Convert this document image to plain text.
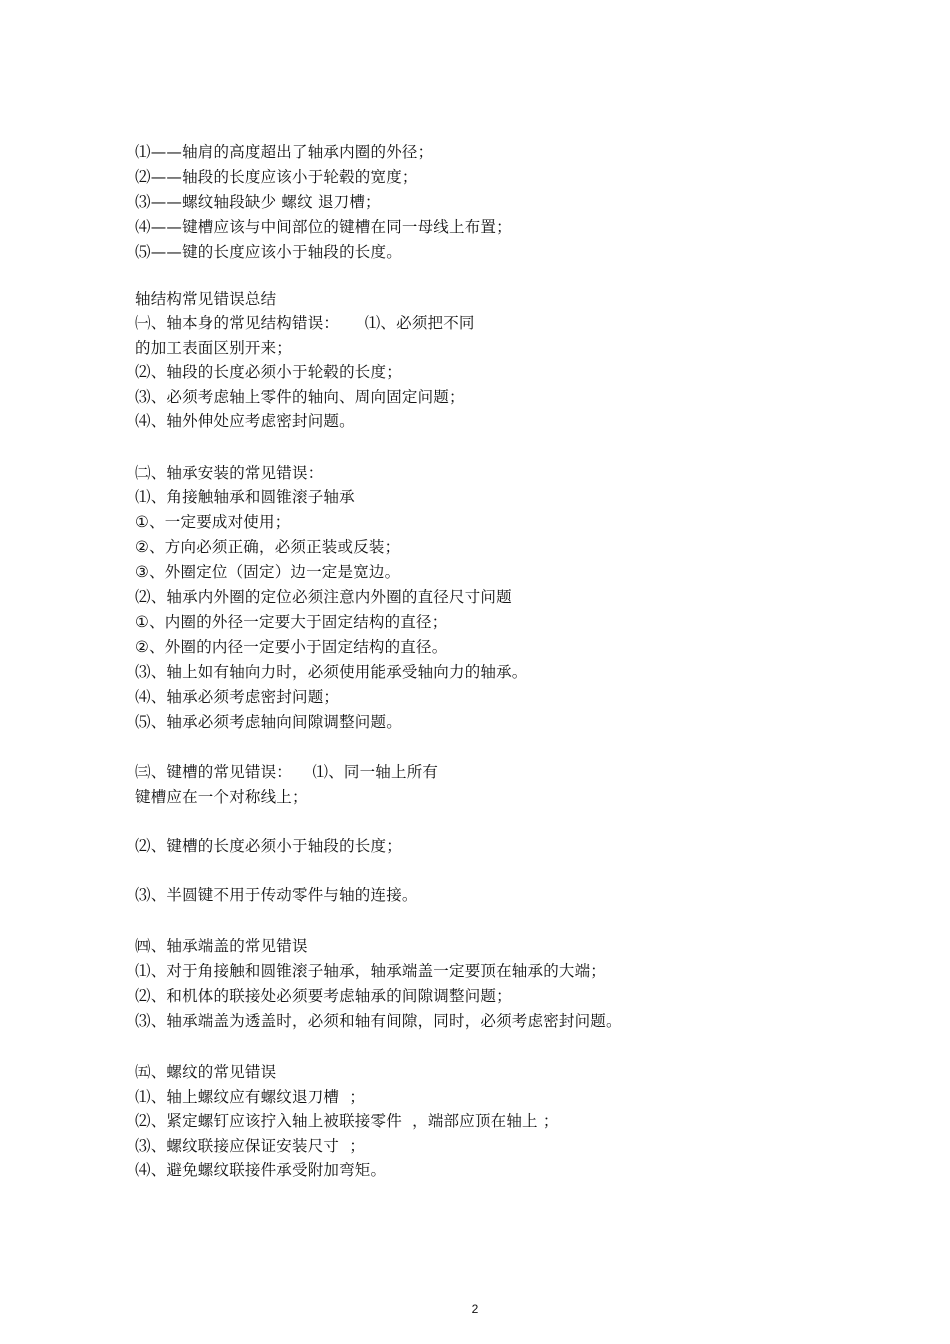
⑴——轴肩的高度超出了轴承内圈的外径；
⑵——轴段的长度应该小于轮毂的宽度；
⑶——螺纹轴段缺少 螺纹 退刀槽；
⑷——键槽应该与中间部位的键槽在同一母线上布置；
⑸——键的长度应该小于轴段的长度。
轴结构常见错误总结
㈠、轴本身的常见结构错误：     ⑴、必须把不同
的加工表面区别开来；
⑵、轴段的长度必须小于轮毂的长度；
⑶、必须考虑轴上零件的轴向、周向固定问题；
⑷、轴外伸处应考虑密封问题。
㈡、轴承安装的常见错误：
⑴、角接触轴承和圆锥滚子轴承
①、一定要成对使用；
②、方向必须正确，必须正装或反装；
③、外圈定位（固定）边一定是宽边。
⑵、轴承内外圈的定位必须注意内外圈的直径尺寸问题
①、内圈的外径一定要大于固定结构的直径；
②、外圈的内径一定要小于固定结构的直径。
⑶、轴上如有轴向力时，必须使用能承受轴向力的轴承。
⑷、轴承必须考虑密封问题；
⑸、轴承必须考虑轴向间隙调整问题。
㈢、键槽的常见错误：    ⑴、同一轴上所有
键槽应在一个对称线上；
⑵、键槽的长度必须小于轴段的长度；
⑶、半圆键不用于传动零件与轴的连接。
㈣、轴承端盖的常见错误
⑴、对于角接触和圆锥滚子轴承，轴承端盖一定要顶在轴承的大端；
⑵、和机体的联接处必须要考虑轴承的间隙调整问题；
⑶、轴承端盖为透盖时，必须和轴有间隙，同时，必须考虑密封问题。
㈤、螺纹的常见错误
⑴、轴上螺纹应有螺纹退刀槽  ；
⑵、紧定螺钉应该拧入轴上被联接零件  ，端部应顶在轴上 ；
⑶、螺纹联接应保证安装尺寸  ；
⑷、避免螺纹联接件承受附加弯矩。
2
